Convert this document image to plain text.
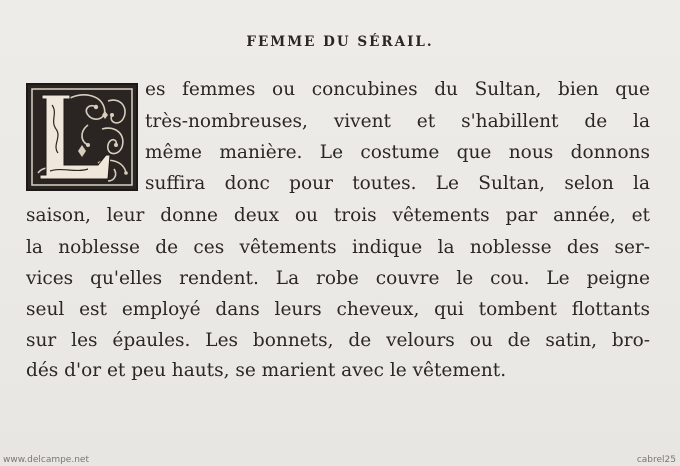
FEMME DU SÉRAIL.
es femmes ou concubines du Sultan, bien que
très-nombreuses, vivent et s'habillent de la
même manière. Le costume que nous donnons
suffira donc pour toutes. Le Sultan, selon la
saison, leur donne deux ou trois vêtements par année, et
la noblesse de ces vêtements indique la noblesse des ser-
vices qu'elles rendent. La robe couvre le cou. Le peigne
seul est employé dans leurs cheveux, qui tombent flottants
sur les épaules. Les bonnets, de velours ou de satin, bro-
dés d'or et peu hauts, se marient avec le vêtement.
www.delcampe.net	cabrel25
